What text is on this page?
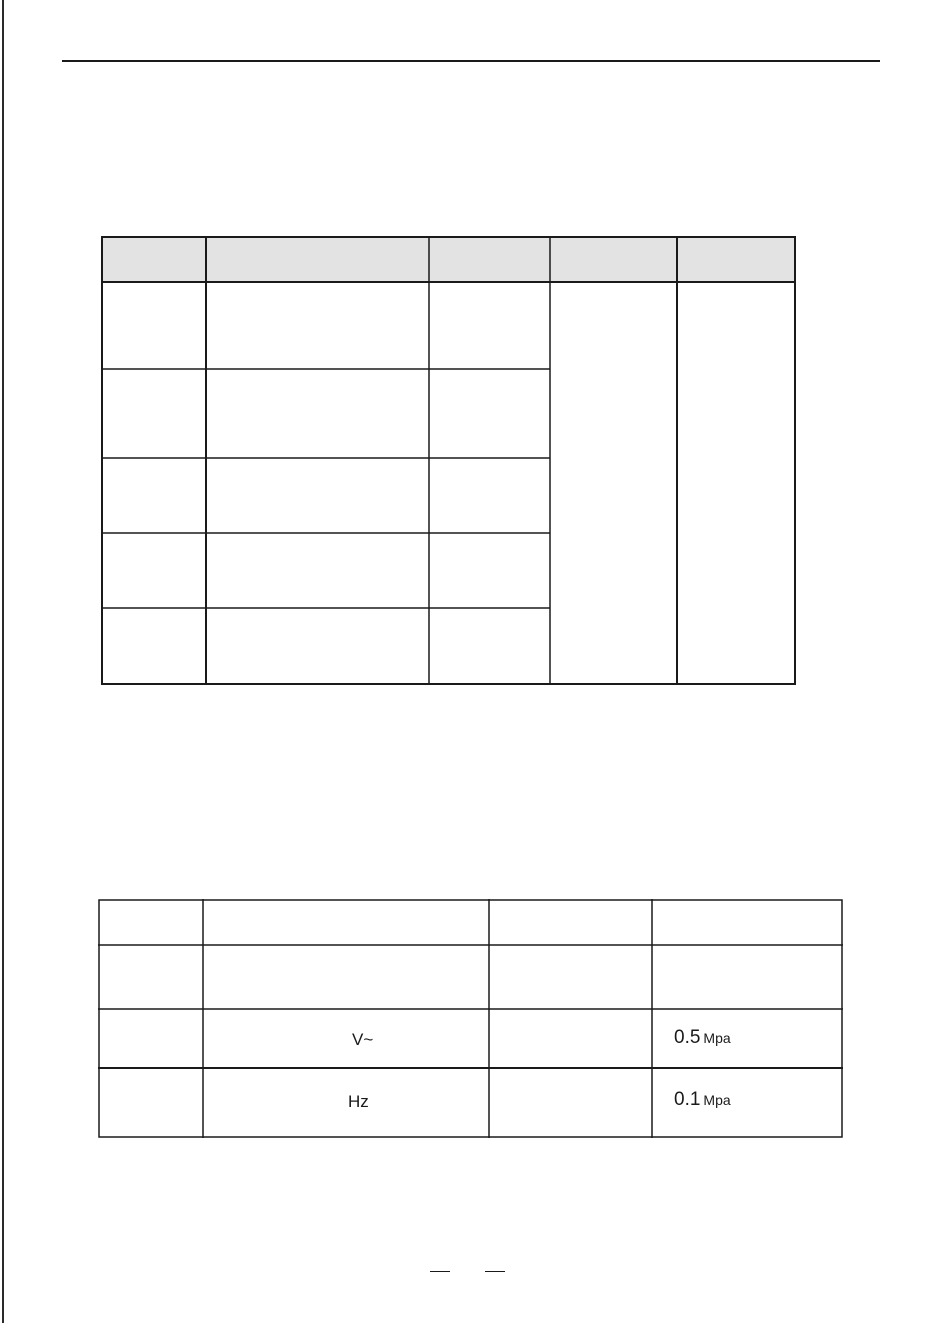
V~
Hz
0.5 Mpa
0.1 Mpa
